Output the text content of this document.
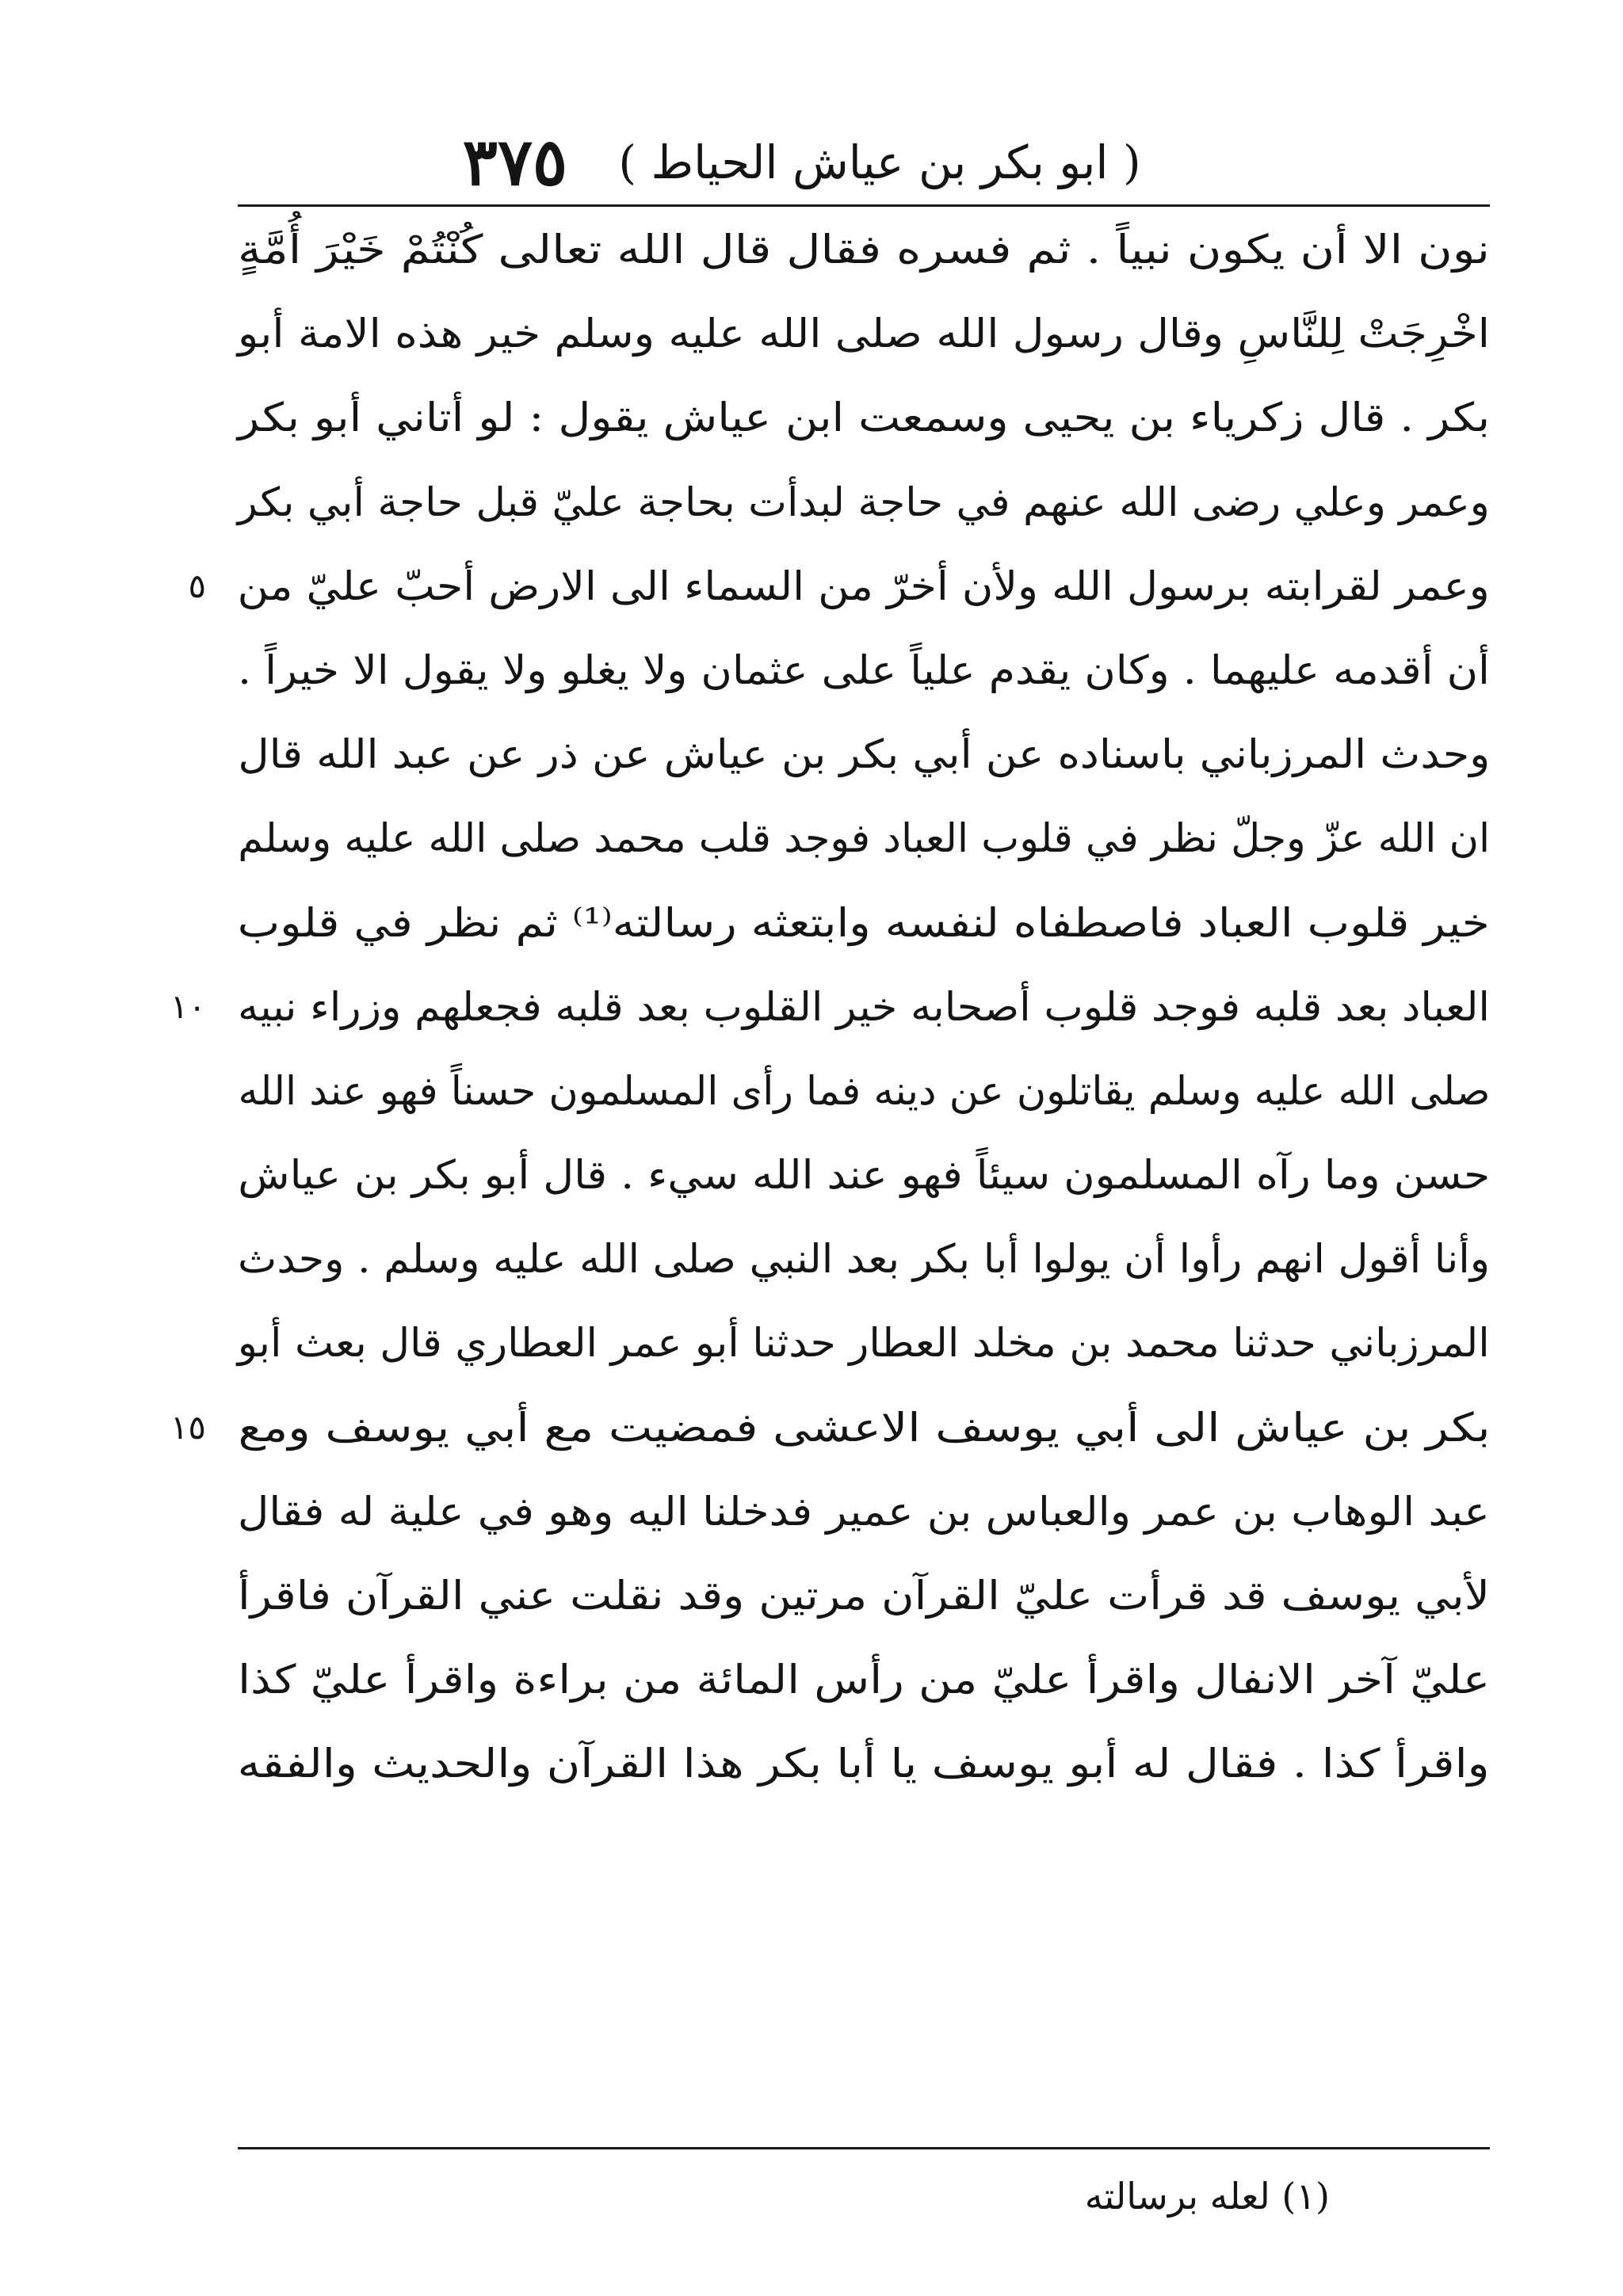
٣٧٥	( ابو بكر بن عياش الحياط )
نون الا أن يكون نبياً . ثم فسره فقال قال الله تعالى كُنْتُمْ خَيْرَ أُمَّةٍ
اخْرِجَتْ لِلنَّاسِ وقال رسول الله صلى الله عليه وسلم خير هذه الامة أبو
بكر . قال زكرياء بن يحيى وسمعت ابن عياش يقول : لو أتاني أبو بكر
وعمر وعلي رضى الله عنهم في حاجة لبدأت بحاجة عليّ قبل حاجة أبي بكر
وعمر لقرابته برسول الله ولأن أخرّ من السماء الى الارض أحبّ عليّ من
٥
أن أقدمه عليهما . وكان يقدم علياً على عثمان ولا يغلو ولا يقول الا خيراً .
وحدث المرزباني باسناده عن أبي بكر بن عياش عن ذر عن عبد الله قال
ان الله عزّ وجلّ نظر في قلوب العباد فوجد قلب محمد صلى الله عليه وسلم
خير قلوب العباد فاصطفاه لنفسه وابتعثه رسالته⁽¹⁾ ثم نظر في قلوب
العباد بعد قلبه فوجد قلوب أصحابه خير القلوب بعد قلبه فجعلهم وزراء نبيه
١٠
صلى الله عليه وسلم يقاتلون عن دينه فما رأى المسلمون حسناً فهو عند الله
حسن وما رآه المسلمون سيئاً فهو عند الله سيء . قال أبو بكر بن عياش
وأنا أقول انهم رأوا أن يولوا أبا بكر بعد النبي صلى الله عليه وسلم . وحدث
المرزباني حدثنا محمد بن مخلد العطار حدثنا أبو عمر العطاري قال بعث أبو
بكر بن عياش الى أبي يوسف الاعشى فمضيت مع أبي يوسف ومع
١٥
عبد الوهاب بن عمر والعباس بن عمير فدخلنا اليه وهو في علية له فقال
لأبي يوسف قد قرأت عليّ القرآن مرتين وقد نقلت عني القرآن فاقرأ
عليّ آخر الانفال واقرأ عليّ من رأس المائة من براءة واقرأ عليّ كذا
واقرأ كذا . فقال له أبو يوسف يا أبا بكر هذا القرآن والحديث والفقه
(١) لعله برسالته
